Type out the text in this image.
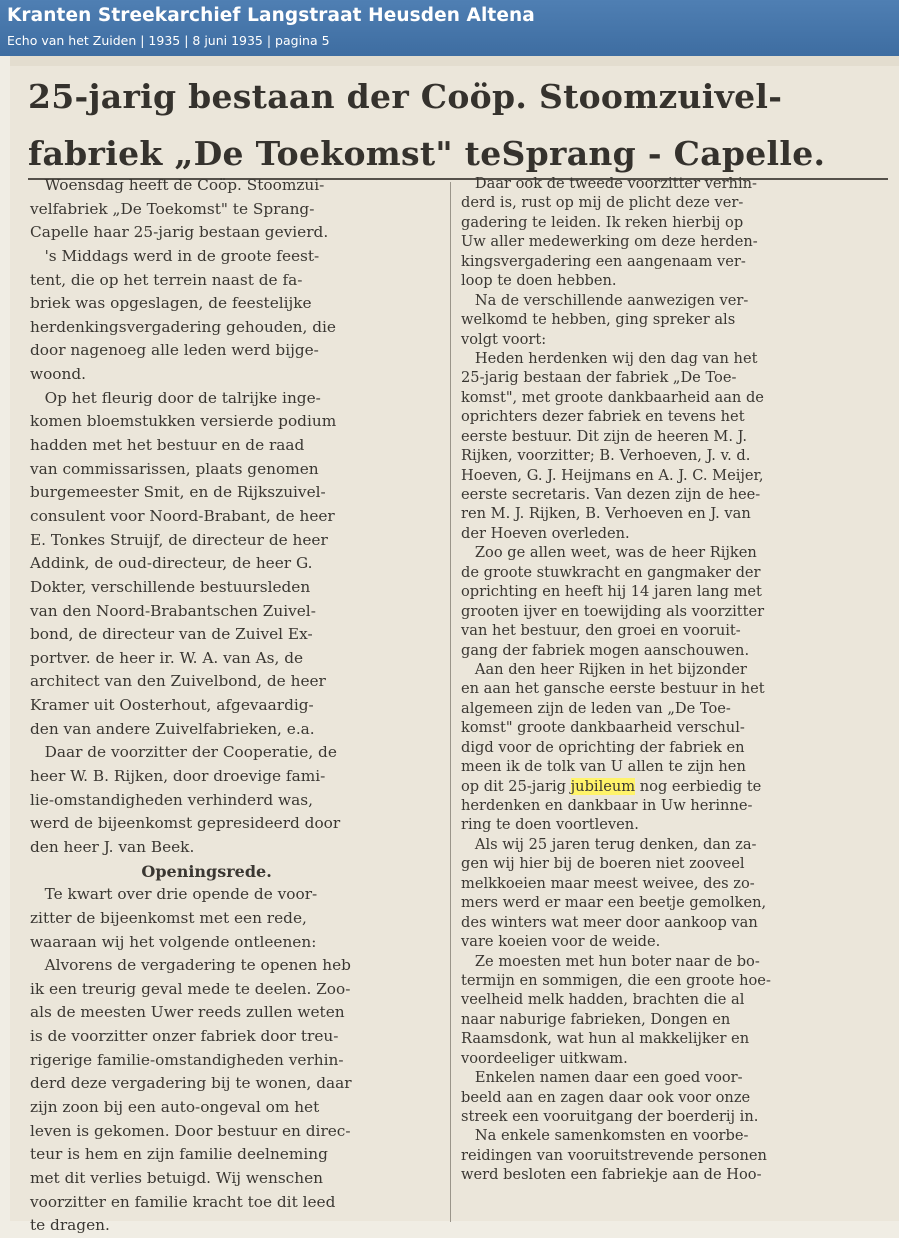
Kranten Streekarchief Langstraat Heusden Altena
Echo van het Zuiden | 1935 | 8 juni 1935 | pagina 5
25-jarig bestaan der Coöp. Stoomzuivel-
fabriek „De Toekomst" teSprang - Capelle.
Woensdag heeft de Coöp. Stoomzui-
velfabriek „De Toekomst" te Sprang-
Capelle haar 25-jarig bestaan gevierd.
's Middags werd in de groote feest-
tent, die op het terrein naast de fa-
briek was opgeslagen, de feestelijke
herdenkingsvergadering gehouden, die
door nagenoeg alle leden werd bijge-
woond.
Op het fleurig door de talrijke inge-
komen bloemstukken versierde podium
hadden met het bestuur en de raad
van commissarissen, plaats genomen
burgemeester Smit, en de Rijkszuivel-
consulent voor Noord-Brabant, de heer
E. Tonkes Struijf, de directeur de heer
Addink, de oud-directeur, de heer G.
Dokter, verschillende bestuursleden
van den Noord-Brabantschen Zuivel-
bond, de directeur van de Zuivel Ex-
portver. de heer ir. W. A. van As, de
architect van den Zuivelbond, de heer
Kramer uit Oosterhout, afgevaardig-
den van andere Zuivelfabrieken, e.a.
Daar de voorzitter der Cooperatie, de
heer W. B. Rijken, door droevige fami-
lie-omstandigheden verhinderd was,
werd de bijeenkomst gepresideerd door
den heer J. van Beek.
Openingsrede.
Te kwart over drie opende de voor-
zitter de bijeenkomst met een rede,
waaraan wij het volgende ontleenen:
Alvorens de vergadering te openen heb
ik een treurig geval mede te deelen. Zoo-
als de meesten Uwer reeds zullen weten
is de voorzitter onzer fabriek door treu-
rigerige familie-omstandigheden verhin-
derd deze vergadering bij te wonen, daar
zijn zoon bij een auto-ongeval om het
leven is gekomen. Door bestuur en direc-
teur is hem en zijn familie deelneming
met dit verlies betuigd. Wij wenschen
voorzitter en familie kracht toe dit leed
te dragen.
Daar ook de tweede voorzitter verhin-
derd is, rust op mij de plicht deze ver-
gadering te leiden. Ik reken hierbij op
Uw aller medewerking om deze herden-
kingsvergadering een aangenaam ver-
loop te doen hebben.
Na de verschillende aanwezigen ver-
welkomd te hebben, ging spreker als
volgt voort:
Heden herdenken wij den dag van het
25-jarig bestaan der fabriek „De Toe-
komst", met groote dankbaarheid aan de
oprichters dezer fabriek en tevens het
eerste bestuur. Dit zijn de heeren M. J.
Rijken, voorzitter; B. Verhoeven, J. v. d.
Hoeven, G. J. Heijmans en A. J. C. Meijer,
eerste secretaris. Van dezen zijn de hee-
ren M. J. Rijken, B. Verhoeven en J. van
der Hoeven overleden.
Zoo ge allen weet, was de heer Rijken
de groote stuwkracht en gangmaker der
oprichting en heeft hij 14 jaren lang met
grooten ijver en toewijding als voorzitter
van het bestuur, den groei en vooruit-
gang der fabriek mogen aanschouwen.
Aan den heer Rijken in het bijzonder
en aan het gansche eerste bestuur in het
algemeen zijn de leden van „De Toe-
komst" groote dankbaarheid verschul-
digd voor de oprichting der fabriek en
meen ik de tolk van U allen te zijn hen
op dit 25-jarig jubileum nog eerbiedig te
herdenken en dankbaar in Uw herinne-
ring te doen voortleven.
Als wij 25 jaren terug denken, dan za-
gen wij hier bij de boeren niet zooveel
melkkoeien maar meest weivee, des zo-
mers werd er maar een beetje gemolken,
des winters wat meer door aankoop van
vare koeien voor de weide.
Ze moesten met hun boter naar de bo-
termijn en sommigen, die een groote hoe-
veelheid melk hadden, brachten die al
naar naburige fabrieken, Dongen en
Raamsdonk, wat hun al makkelijker en
voordeeliger uitkwam.
Enkelen namen daar een goed voor-
beeld aan en zagen daar ook voor onze
streek een vooruitgang der boerderij in.
Na enkele samenkomsten en voorbe-
reidingen van vooruitstrevende personen
werd besloten een fabriekje aan de Hoo-
